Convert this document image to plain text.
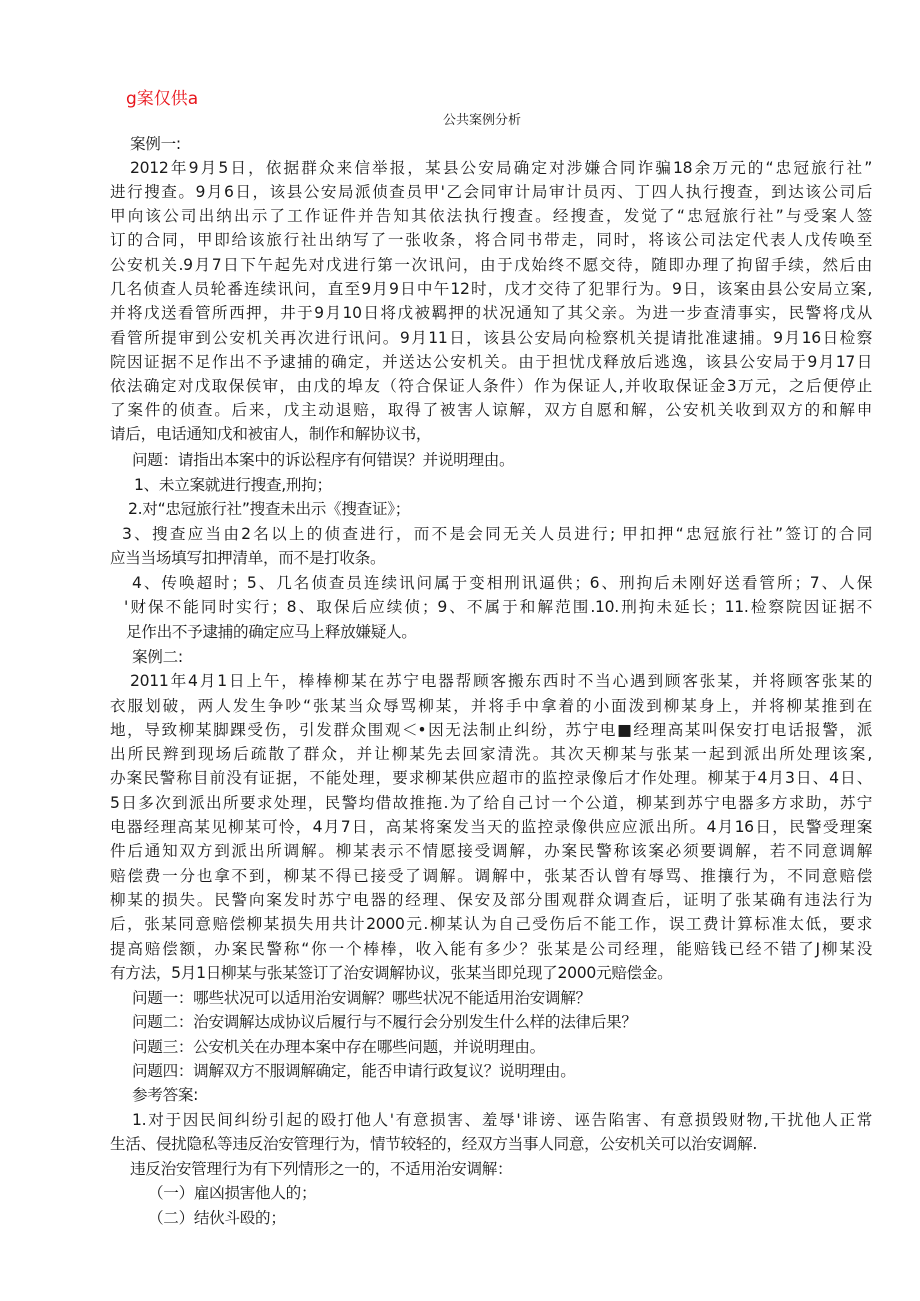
g案仅供a
公共案例分析
案例一:
2012年9月5日，依据群众来信举报，某县公安局确定对涉嫌合同诈骗18余万元的“忠冠旅行社”
进行搜查。9月6日，该县公安局派侦查员甲'乙会同审计局审计员丙、丁四人执行搜查，到达该公司后
甲向该公司出纳出示了工作证件并告知其依法执行搜查。经搜查，发觉了“忠冠旅行社”与受案人签
订的合同，甲即给该旅行社出纳写了一张收条，将合同书带走，同时，将该公司法定代表人戊传唤至
公安机关.9月7日下午起先对戊进行第一次讯问，由于戊始终不愿交待，随即办理了拘留手续，然后由
几名侦查人员轮番连续讯问，直至9月9日中午12时，戊才交待了犯罪行为。9日，该案由县公安局立案,
并将戊送看管所西押，井于9月10日将戊被羁押的状况通知了其父亲。为进一步查清事实，民警将戊从
看管所提审到公安机关再次进行讯问。9月11日，该县公安局向检察机关提请批准逮捕。9月16日检察
院因证据不足作出不予逮捕的确定，并送达公安机关。由于担忧戊释放后逃逸，该县公安局于9月17日
依法确定对戊取保侯审，由戊的埠友（符合保证人条件）作为保证人,并收取保证金3万元，之后便停止
了案件的侦查。后来，戊主动退赔，取得了被害人谅解，双方自愿和解，公安机关收到双方的和解申
请后，电话通知戊和被宙人，制作和解协议书，
问题：请指出本案中的诉讼程序有何错误？并说明理由。
1、未立案就进行搜查,刑拘；
2.对“忠冠旅行社”搜查未出示《搜查证》；
3、搜查应当由2名以上的侦查进行，而不是会同无关人员进行; 甲扣押“忠冠旅行社”签订的合同
应当当场填写扣押清单，而不是打收条。
4、传唤超时；5、几名侦查员连续讯问属于变相刑讯逼供；6、刑拘后未刚好送看管所；7、人保
'财保不能同时实行；8、取保后应续侦；9、不属于和解范围.10.刑拘未延长；11.检察院因证据不
足作出不予逮捕的确定应马上释放嫌疑人。
案例二:
2011年4月1日上午，棒棒柳某在苏宁电器帮顾客搬东西时不当心遇到顾客张某，并将顾客张某的
衣服划破，两人发生争吵“张某当众辱骂柳某，并将手中拿着的小面泼到柳某身上，并将柳某推到在
地，导致柳某脚踝受伤，引发群众围观＜•因无法制止纠纷，苏宁电■经理高某叫保安打电话报警，派
出所民辫到现场后疏散了群众，并让柳某先去回家清洗。其次天柳某与张某一起到派出所处理该案,
办案民警称目前没有证据，不能处理，要求柳某供应超市的监控录像后才作处理。柳某于4月3日、4日、
5日多次到派出所要求处理，民警均借故推拖.为了给自己讨一个公道，柳某到苏宁电器多方求助，苏宁
电器经理高某见柳某可怜，4月7日，高某将案发当天的监控录像供应应派出所。4月16日，民警受理案
件后通知双方到派出所调解。柳某表示不情愿接受调解，办案民警称该案必须要调解，若不同意调解
赔偿费一分也拿不到，柳某不得已接受了调解。调解中，张某否认曾有辱骂、推攘行为，不同意赔偿
柳某的损失。民警向案发时苏宁电器的经理、保安及部分围观群众调查后，证明了张某确有违法行为
后，张某同意赔偿柳某损失用共计2000元.柳某认为自己受伤后不能工作，误工费计算标准太低，要求
提高赔偿额，办案民警称“你一个棒棒，收入能有多少？张某是公司经理，能赔钱已经不错了J柳某没
有方法，5月1日柳某与张某签订了治安调解协议，张某当即兑现了2000元赔偿金。
问题一：哪些状况可以适用治安调解？哪些状况不能适用治安调解？
问题二：治安调解达成协议后履行与不履行会分别发生什么样的法律后果？
问题三：公安机关在办理本案中存在哪些问题，并说明理由。
问题四：调解双方不服调解确定，能否申请行政复议？说明理由。
参考答案:
1.对于因民间纠纷引起的殴打他人'有意损害、羞辱'诽谤、诬告陷害、有意损毁财物,干扰他人正常
生活、侵扰隐私等违反治安管理行为，情节较轻的，经双方当事人同意，公安机关可以治安调解.
违反治安管理行为有下列情形之一的，不适用治安调解：
（一）雇凶损害他人的；
（二）结伙斗殴的；
